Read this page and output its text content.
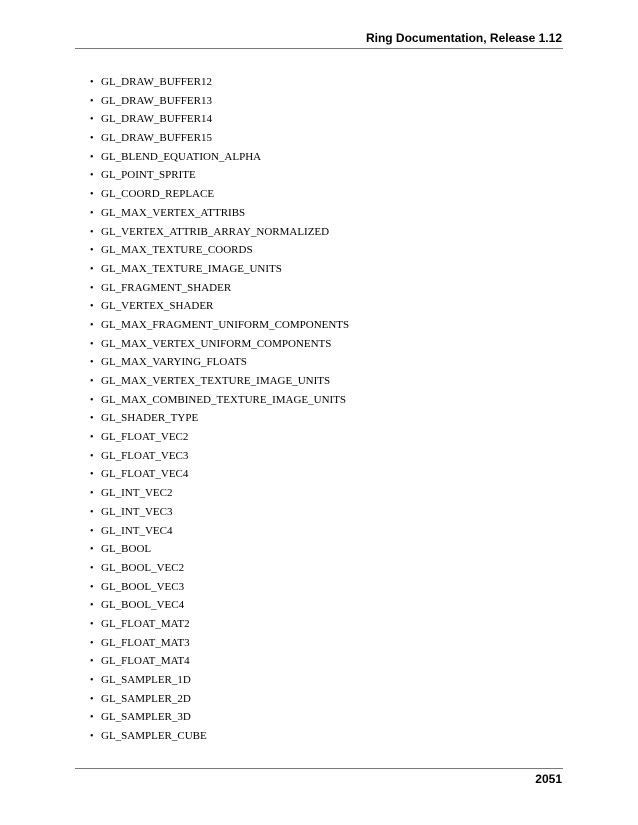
Ring Documentation, Release 1.12
• GL_DRAW_BUFFER12
• GL_DRAW_BUFFER13
• GL_DRAW_BUFFER14
• GL_DRAW_BUFFER15
• GL_BLEND_EQUATION_ALPHA
• GL_POINT_SPRITE
• GL_COORD_REPLACE
• GL_MAX_VERTEX_ATTRIBS
• GL_VERTEX_ATTRIB_ARRAY_NORMALIZED
• GL_MAX_TEXTURE_COORDS
• GL_MAX_TEXTURE_IMAGE_UNITS
• GL_FRAGMENT_SHADER
• GL_VERTEX_SHADER
• GL_MAX_FRAGMENT_UNIFORM_COMPONENTS
• GL_MAX_VERTEX_UNIFORM_COMPONENTS
• GL_MAX_VARYING_FLOATS
• GL_MAX_VERTEX_TEXTURE_IMAGE_UNITS
• GL_MAX_COMBINED_TEXTURE_IMAGE_UNITS
• GL_SHADER_TYPE
• GL_FLOAT_VEC2
• GL_FLOAT_VEC3
• GL_FLOAT_VEC4
• GL_INT_VEC2
• GL_INT_VEC3
• GL_INT_VEC4
• GL_BOOL
• GL_BOOL_VEC2
• GL_BOOL_VEC3
• GL_BOOL_VEC4
• GL_FLOAT_MAT2
• GL_FLOAT_MAT3
• GL_FLOAT_MAT4
• GL_SAMPLER_1D
• GL_SAMPLER_2D
• GL_SAMPLER_3D
• GL_SAMPLER_CUBE
2051
